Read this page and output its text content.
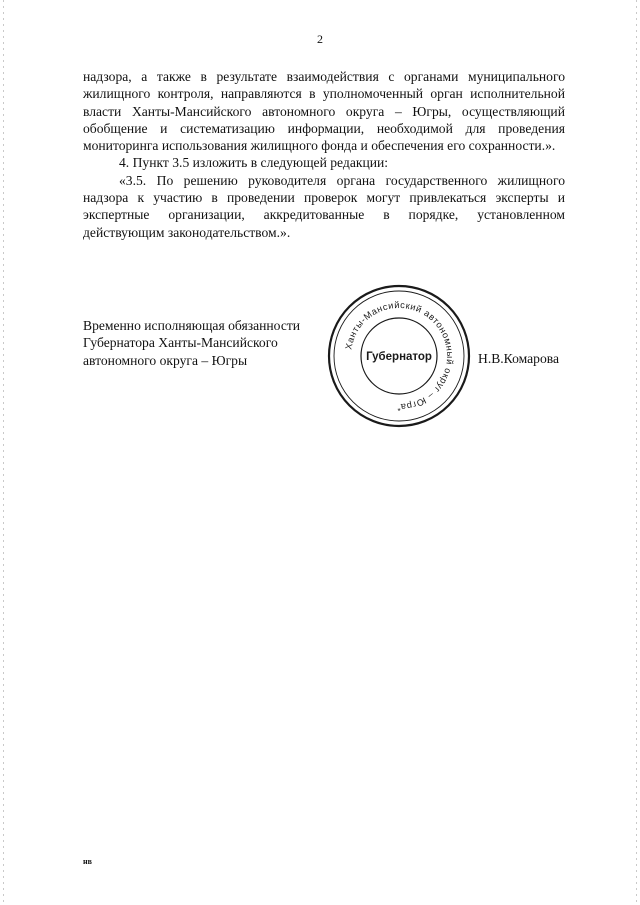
2

надзора, а также в результате взаимодействия с органами муниципального жилищного контроля, направляются в уполномоченный орган исполнительной власти Ханты-Мансийского автономного округа – Югры, осуществляющий обобщение и систематизацию информации, необходимой для проведения мониторинга использования жилищного фонда и обеспечения его сохранности.».

4. Пункт 3.5 изложить в следующей редакции:

«3.5. По решению руководителя органа государственного жилищного надзора к участию в проведении проверок могут привлекаться эксперты и экспертные организации, аккредитованные в порядке, установленном действующим законодательством.».

Временно исполняющая обязанности
Губернатора Ханты-Мансийского
автономного округа – Югры
Ханты-Мансийский автономный округ – Югра
Губернатор
*
Н.В.Комарова
нв
